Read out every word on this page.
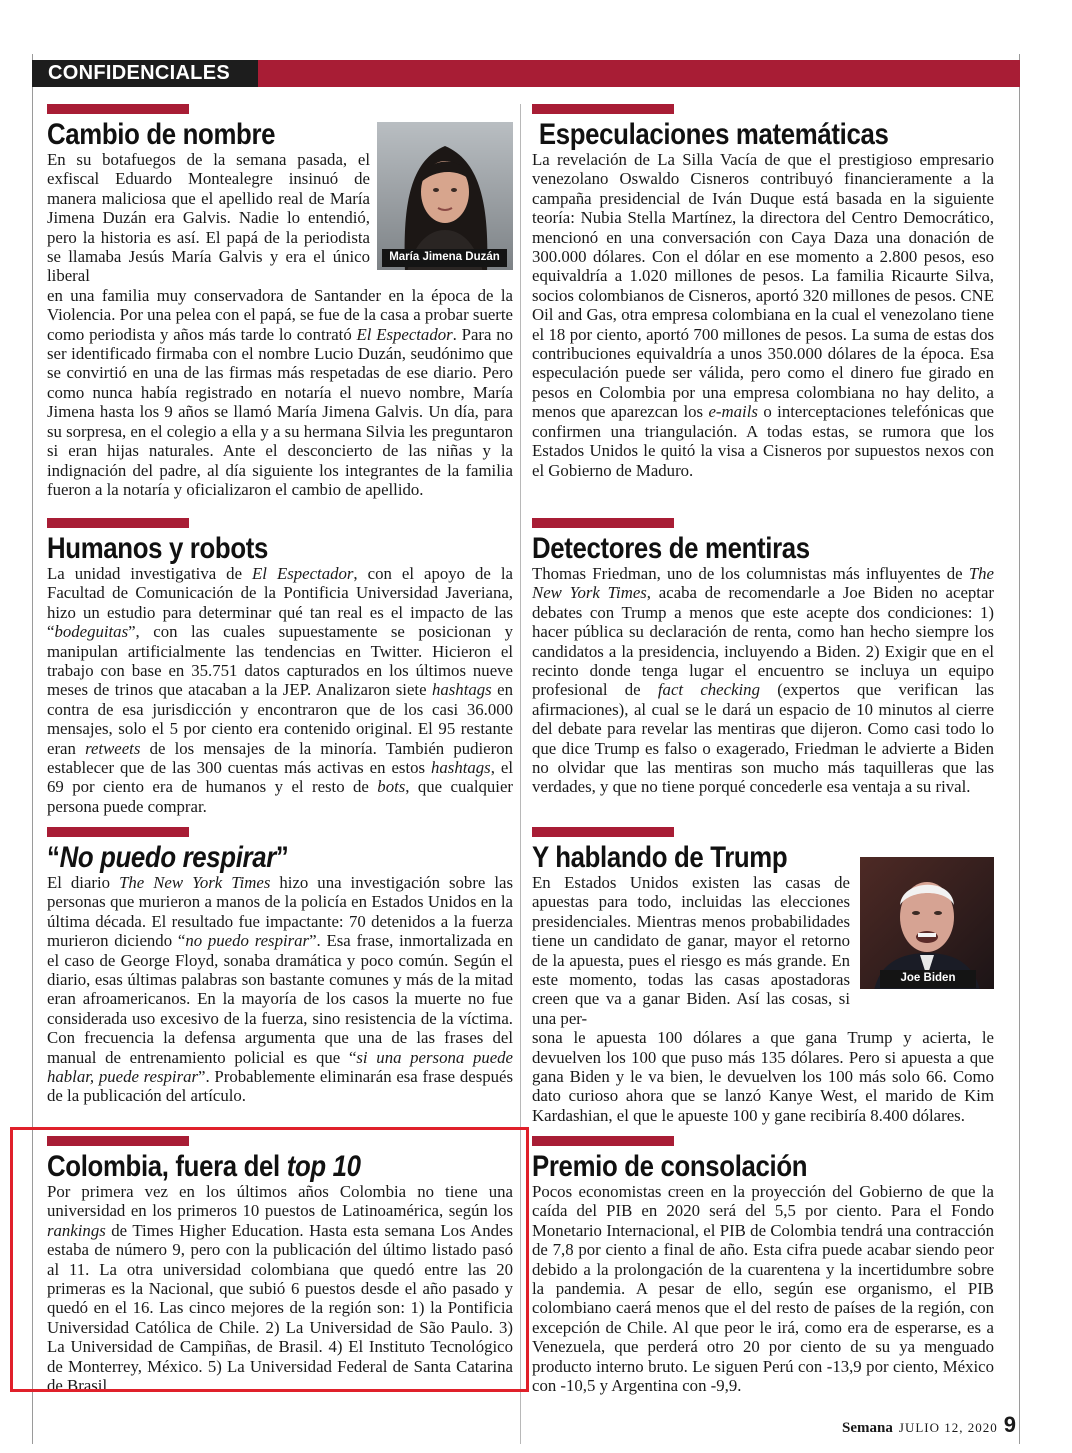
CONFIDENCIALES
Cambio de nombre
En su botafuegos de la semana pasada, el exfiscal Eduardo Montealegre insinuó de manera maliciosa que el apellido real de María Jimena Duzán era Galvis. Nadie lo entendió, pero la historia es así. El papá de la periodista se llamaba Jesús María Galvis y era el único liberal
en una familia muy conservadora de Santander en la época de la Violencia. Por una pelea con el papá, se fue de la casa a probar suerte como periodista y años más tarde lo contrató El Espectador. Para no ser identificado firmaba con el nombre Lucio Duzán, seudónimo que se convirtió en una de las firmas más respetadas de ese diario. Pero como nunca había registrado en notaría el nuevo nombre, María Jimena hasta los 9 años se llamó María Jimena Galvis. Un día, para su sorpresa, en el colegio a ella y a su hermana Silvia les preguntaron si eran hijas naturales. Ante el desconcierto de las niñas y la indignación del padre, al día siguiente los integrantes de la familia fueron a la notaría y oficializaron el cambio de apellido.
María Jimena Duzán
Especulaciones matemáticas
La revelación de La Silla Vacía de que el prestigioso empresario venezolano Oswaldo Cisneros contribuyó financieramente a la campaña presidencial de Iván Duque está basada en la siguiente teoría: Nubia Stella Martínez, la directora del Centro Democrático, mencionó en una conversación con Caya Daza una donación de 300.000 dólares. Con el dólar en ese momento a 2.800 pesos, eso equivaldría a 1.020 millones de pesos. La familia Ricaurte Silva, socios colombianos de Cisneros, aportó 320 millones de pesos. CNE Oil and Gas, otra empresa colombiana en la cual el venezolano tiene el 18 por ciento, aportó 700 millones de pesos. La suma de estas dos contribuciones equivaldría a unos 350.000 dólares de la época. Esa especulación puede ser válida, pero como el dinero fue girado en pesos en Colombia por una empresa colombiana no hay delito, a menos que aparezcan los e-mails o interceptaciones telefónicas que confirmen una triangulación. A todas estas, se rumora que los Estados Unidos le quitó la visa a Cisneros por supuestos nexos con el Gobierno de Maduro.
Humanos y robots
La unidad investigativa de El Espectador, con el apoyo de la Facultad de Comunicación de la Pontificia Universidad Javeriana, hizo un estudio para determinar qué tan real es el impacto de las “bodeguitas”, con las cuales supuestamente se posicionan y manipulan artificialmente las tendencias en Twitter. Hicieron el trabajo con base en 35.751 datos capturados en los últimos nueve meses de trinos que atacaban a la JEP. Analizaron siete hashtags en contra de esa jurisdicción y encontraron que de los casi 36.000 mensajes, solo el 5 por ciento era contenido original. El 95 restante eran retweets de los mensajes de la minoría. También pudieron establecer que de las 300 cuentas más activas en estos hashtags, el 69 por ciento era de humanos y el resto de bots, que cualquier persona puede comprar.
Detectores de mentiras
Thomas Friedman, uno de los columnistas más influyentes de The New York Times, acaba de recomendarle a Joe Biden no aceptar debates con Trump a menos que este acepte dos condiciones: 1) hacer pública su declaración de renta, como han hecho siempre los candidatos a la presidencia, incluyendo a Biden. 2) Exigir que en el recinto donde tenga lugar el encuentro se incluya un equipo profesional de fact checking (expertos que verifican las afirmaciones), al cual se le dará un espacio de 10 minutos al cierre del debate para revelar las mentiras que dijeron. Como casi todo lo que dice Trump es falso o exagerado, Friedman le advierte a Biden no olvidar que las mentiras son mucho más taquilleras que las verdades, y que no tiene porqué concederle esa ventaja a su rival.
“No puedo respirar”
El diario The New York Times hizo una investigación sobre las personas que murieron a manos de la policía en Estados Unidos en la última década. El resultado fue impactante: 70 detenidos a la fuerza murieron diciendo “no puedo respirar”. Esa frase, inmortalizada en el caso de George Floyd, sonaba dramática y poco común. Según el diario, esas últimas palabras son bastante comunes y más de la mitad eran afroamericanos. En la mayoría de los casos la muerte no fue considerada uso excesivo de la fuerza, sino resistencia de la víctima. Con frecuencia la defensa argumenta que una de las frases del manual de entrenamiento policial es que “si una persona puede hablar, puede respirar”. Probablemente eliminarán esa frase después de la publicación del artículo.
Y hablando de Trump
En Estados Unidos existen las casas de apuestas para todo, incluidas las elecciones presidenciales. Mientras menos probabilidades tiene un candidato de ganar, mayor el retorno de la apuesta, pues el riesgo es más grande. En este momento, todas las casas apostadoras creen que va a ganar Biden. Así las cosas, si una per-
sona le apuesta 100 dólares a que gana Trump y acierta, le devuelven los 100 que puso más 135 dólares. Pero si apuesta a que gana Biden y le va bien, le devuelven los 100 más solo 66. Como dato curioso ahora que se lanzó Kanye West, el marido de Kim Kardashian, el que le apueste 100 y gane recibiría 8.400 dólares.
Joe Biden
Colombia, fuera del top 10
Por primera vez en los últimos años Colombia no tiene una universidad en los primeros 10 puestos de Latinoamérica, según los rankings de Times Higher Education. Hasta esta semana Los Andes estaba de número 9, pero con la publicación del último listado pasó al 11. La otra universidad colombiana que quedó entre las 20 primeras es la Nacional, que subió 6 puestos desde el año pasado y quedó en el 16. Las cinco mejores de la región son: 1) la Pontificia Universidad Católica de Chile. 2) La Universidad de São Paulo. 3) La Universidad de Campiñas, de Brasil. 4) El Instituto Tecnológico de Monterrey, México. 5) La Universidad Federal de Santa Catarina de Brasil.
Premio de consolación
Pocos economistas creen en la proyección del Gobierno de que la caída del PIB en 2020 será del 5,5 por ciento. Para el Fondo Monetario Internacional, el PIB de Colombia tendrá una contracción de 7,8 por ciento a final de año. Esta cifra puede acabar siendo peor debido a la prolongación de la cuarentena y la incertidumbre sobre la pandemia. A pesar de ello, según ese organismo, el PIB colombiano caerá menos que el del resto de países de la región, con excepción de Chile. Al que peor le irá, como era de esperarse, es a Venezuela, que perderá otro 20 por ciento de su ya menguado producto interno bruto. Le siguen Perú con -13,9 por ciento, México con -10,5 y Argentina con -9,9.
Semana JULIO 12, 2020 9
